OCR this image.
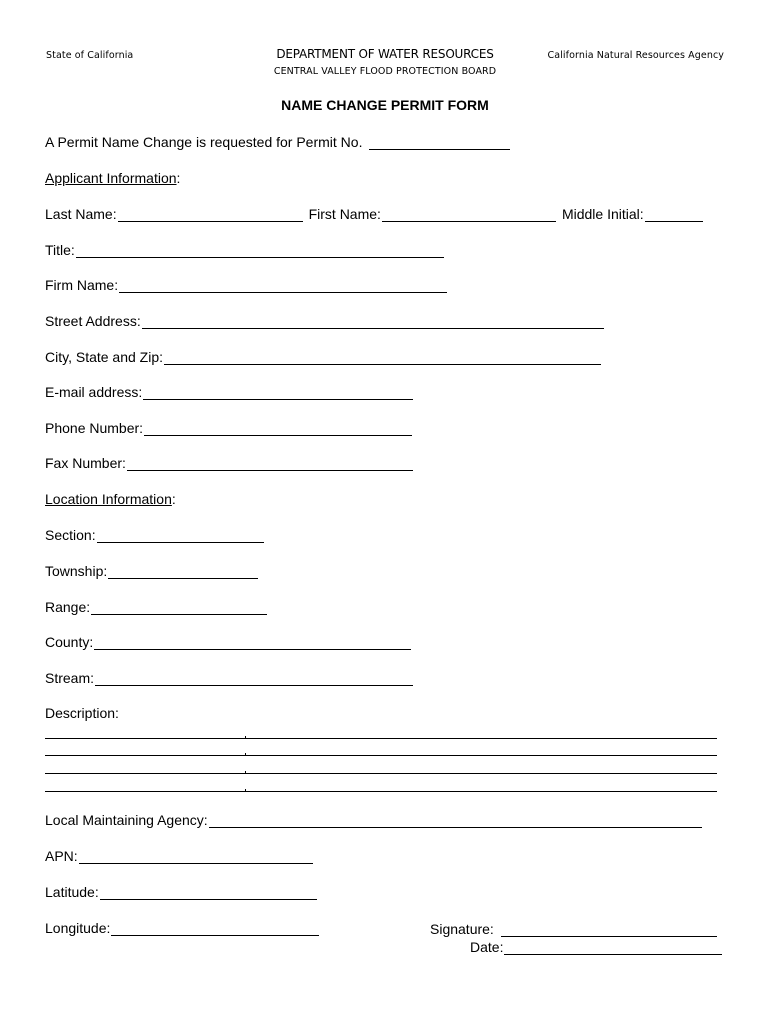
State of California	DEPARTMENT OF WATER RESOURCES
CENTRAL VALLEY FLOOD PROTECTION BOARD
California Natural Resources Agency
NAME CHANGE PERMIT FORM
A Permit Name Change is requested for Permit No.
Applicant Information :
Last Name:	First Name:	Middle Initial:
Title:
Firm Name:
Street Address:
City, State and Zip:
E-mail address:
Phone Number:
Fax Number:
Location Information :
Section:
Township:
Range:
County:
Stream:
Description:
Local Maintaining Agency:
APN:
Latitude:
Longitude:	Signature:
Date:
